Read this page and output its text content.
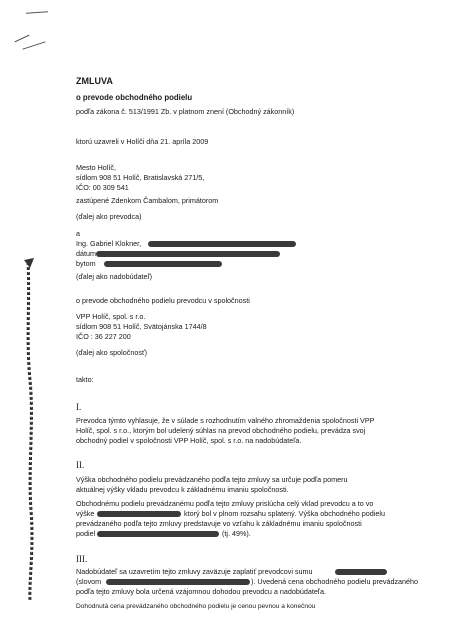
ZMLUVA
o prevode obchodného podielu
podľa zákona č. 513/1991 Zb. v platnom znení (Obchodný zákonník)
ktorú uzavreli v Holíči dňa 21. apríla 2009
Mesto Holíč,
sídlom 908 51 Holíč, Bratislavská 271/5,
IČO: 00 309 541
zastúpené Zdenkom Čambalom, primátorom
(ďalej ako prevodca)
a
Ing. Gabriel Klokner,
dátum
bytom
(ďalej ako nadobúdateľ)
o prevode obchodného podielu prevodcu v spoločnosti
VPP Holíč, spol. s r.o.
sídlom 908 51 Holíč, Svätojánska 1744/8
IČO : 36 227 200
(ďalej ako spoločnosť)
takto:
I.
Prevodca týmto vyhlasuje, že v súlade s rozhodnutím valného zhromaždenia spoločnosti VPP
Holíč, spol. s r.o., ktorým bol udelený súhlas na prevod obchodného podielu, prevádza svoj
obchodný podiel v spoločnosti VPP Holíč, spol. s r.o. na nadobúdateľa.
II.
Výška obchodného podielu prevádzaného podľa tejto zmluvy sa určuje podľa pomeru
aktuálnej výšky vkladu prevodcu k základnému imaniu spoločnosti.
Obchodnému podielu prevádzanému podľa tejto zmluvy prislúcha celý vklad prevodcu a to vo
výške	ktorý bol v plnom rozsahu splatený. Výška obchodného podielu
prevádzaného podľa tejto zmluvy predstavuje vo vzťahu k základnému imaniu spoločnosti
podiel	(tj. 49%).
III.
Nadobúdateľ sa uzavretím tejto zmluvy zaväzuje zaplatiť prevodcovi sumu
(slovom	). Uvedená cena obchodného podielu prevádzaného
podľa tejto zmluvy bola určená vzájomnou dohodou prevodcu a nadobúdateľa.
Dohodnutá cena prevádzaného obchodného podielu je cenou pevnou a konečnou
